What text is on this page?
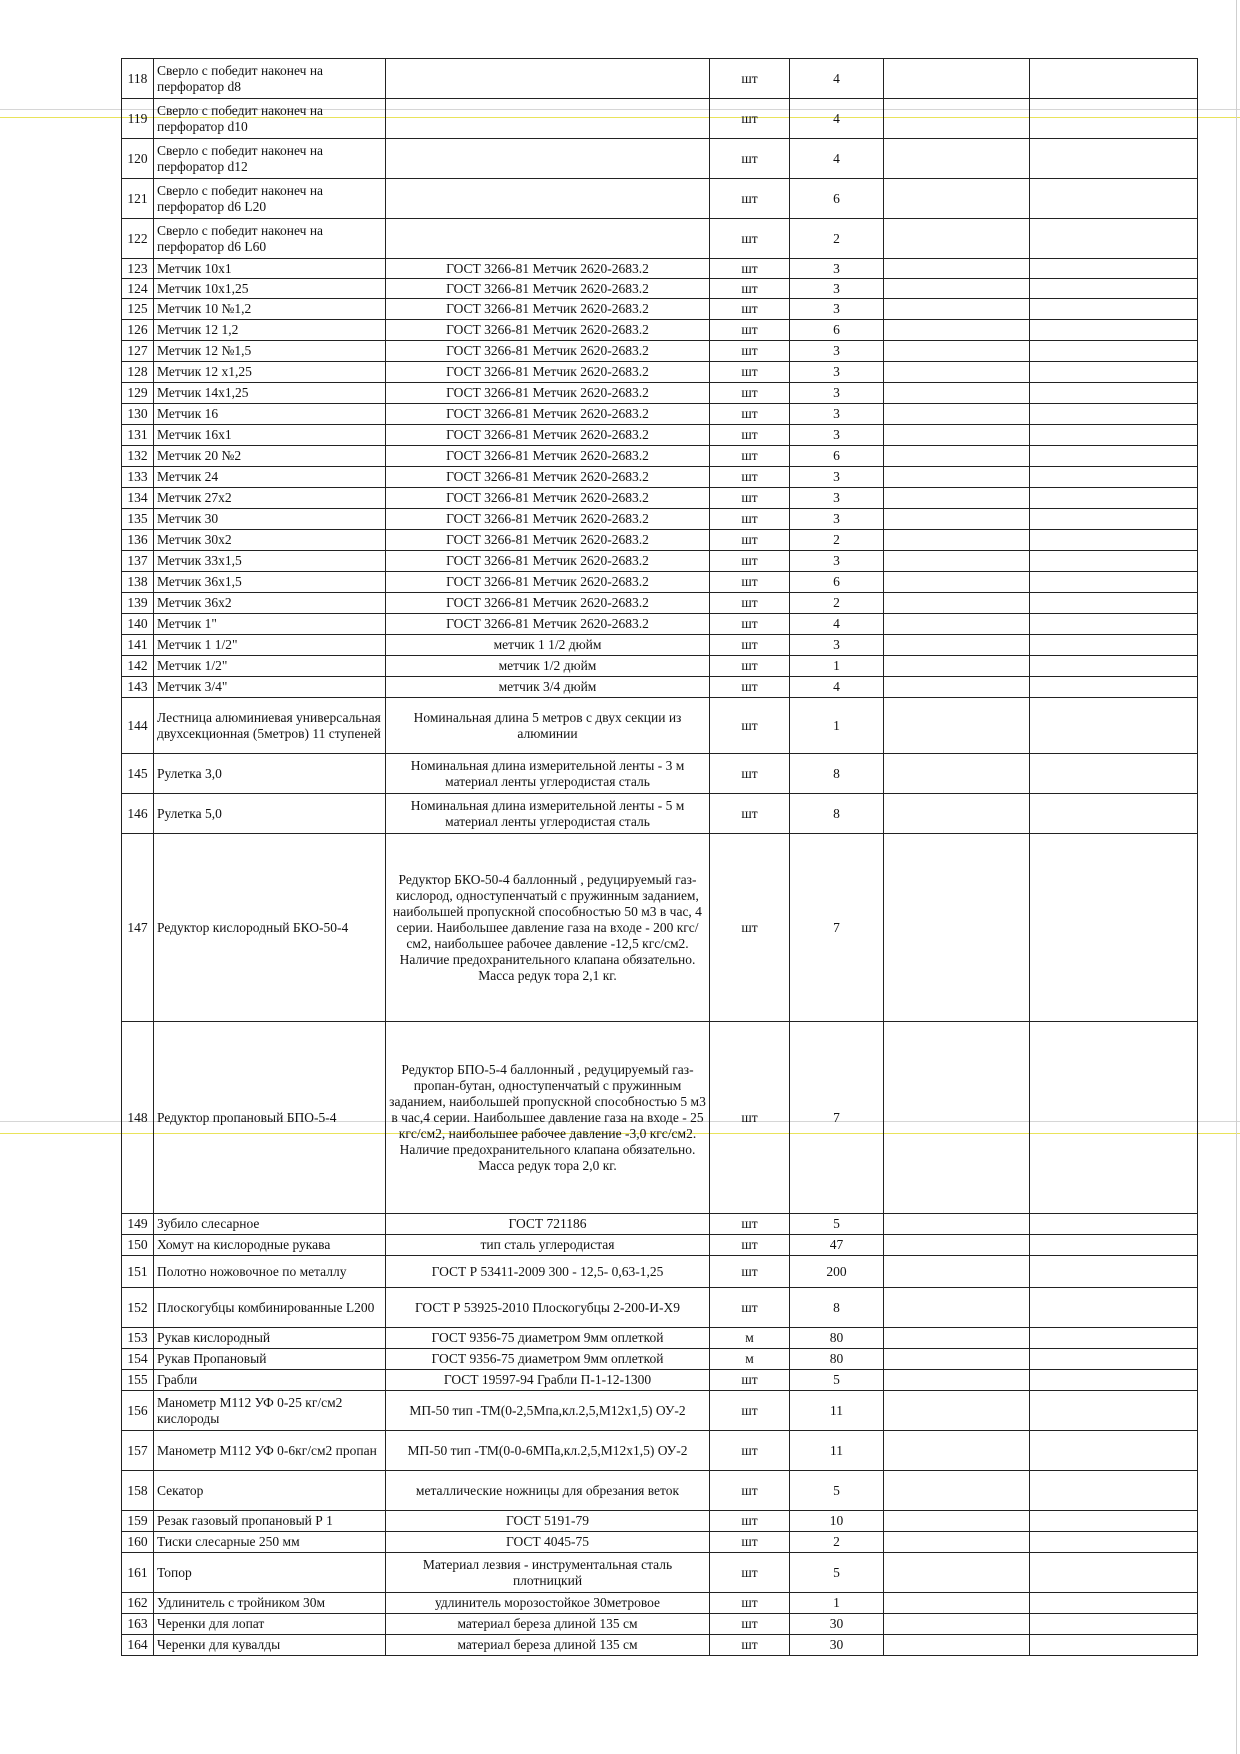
118	Сверло с победит наконеч на перфоратор d8		шт	4		
119	Сверло с победит наконеч на перфоратор d10		шт	4		
120	Сверло с победит наконеч на перфоратор d12		шт	4		
121	Сверло с победит наконеч на перфоратор d6 L20		шт	6		
122	Сверло с победит наконеч на перфоратор d6 L60		шт	2		
123	Метчик 10х1	ГОСТ 3266-81 Метчик 2620-2683.2	шт	3		
124	Метчик 10х1,25	ГОСТ 3266-81 Метчик 2620-2683.2	шт	3		
125	Метчик 10 №1,2	ГОСТ 3266-81 Метчик 2620-2683.2	шт	3		
126	Метчик 12 1,2	ГОСТ 3266-81 Метчик 2620-2683.2	шт	6		
127	Метчик 12 №1,5	ГОСТ 3266-81 Метчик 2620-2683.2	шт	3		
128	Метчик 12 х1,25	ГОСТ 3266-81 Метчик 2620-2683.2	шт	3		
129	Метчик 14х1,25	ГОСТ 3266-81 Метчик 2620-2683.2	шт	3		
130	Метчик 16	ГОСТ 3266-81 Метчик 2620-2683.2	шт	3		
131	Метчик 16х1	ГОСТ 3266-81 Метчик 2620-2683.2	шт	3		
132	Метчик 20 №2	ГОСТ 3266-81 Метчик 2620-2683.2	шт	6		
133	Метчик 24	ГОСТ 3266-81 Метчик 2620-2683.2	шт	3		
134	Метчик 27х2	ГОСТ 3266-81 Метчик 2620-2683.2	шт	3		
135	Метчик 30	ГОСТ 3266-81 Метчик 2620-2683.2	шт	3		
136	Метчик 30х2	ГОСТ 3266-81 Метчик 2620-2683.2	шт	2		
137	Метчик 33х1,5	ГОСТ 3266-81 Метчик 2620-2683.2	шт	3		
138	Метчик 36х1,5	ГОСТ 3266-81 Метчик 2620-2683.2	шт	6		
139	Метчик 36х2	ГОСТ 3266-81 Метчик 2620-2683.2	шт	2		
140	Метчик 1"	ГОСТ 3266-81 Метчик 2620-2683.2	шт	4		
141	Метчик 1 1/2"	метчик 1 1/2 дюйм	шт	3		
142	Метчик 1/2"	метчик 1/2 дюйм	шт	1		
143	Метчик 3/4"	метчик 3/4 дюйм	шт	4		
144	Лестница алюминиевая универсальная двухсекционная (5метров) 11 ступеней	Номинальная длина 5 метров с двух секции из алюминии	шт	1		
145	Рулетка 3,0	Номинальная длина измерительной ленты - 3 м материал ленты углеродистая сталь	шт	8		
146	Рулетка 5,0	Номинальная длина измерительной ленты - 5 м материал ленты углеродистая сталь	шт	8		
147	Редуктор кислородный БКО-50-4	Редуктор БКО-50-4 баллонный , редуцируемый газ- кислород, одноступенчатый с пружинным заданием, наибольшей пропускной способностью 50 м3 в час, 4 серии. Наибольшее давление газа на входе - 200 кгс/см2, наибольшее рабочее давление -12,5 кгс/см2. Наличие предохранительного клапана обязательно. Масса редук тора 2,1 кг.	шт	7		
148	Редуктор пропановый БПО-5-4	Редуктор БПО-5-4 баллонный , редуцируемый газ- пропан-бутан, одноступенчатый с пружинным заданием, наибольшей пропускной способностью 5 м3 в час,4 серии. Наибольшее давление газа на входе - 25 кгс/см2, наибольшее рабочее давление -3,0 кгс/см2. Наличие предохранительного клапана обязательно. Масса редук тора 2,0 кг.	шт	7		
149	Зубило слесарное	ГОСТ 721186	шт	5		
150	Хомут на кислородные рукава	тип сталь углеродистая	шт	47		
151	Полотно ножовочное по металлу	ГОСТ Р 53411-2009 300 - 12,5- 0,63-1,25	шт	200		
152	Плоскогубцы комбинированные L200	ГОСТ Р 53925-2010 Плоскогубцы 2-200-И-Х9	шт	8		
153	Рукав кислородный	ГОСТ 9356-75 диаметром 9мм оплеткой	м	80		
154	Рукав Пропановый	ГОСТ 9356-75 диаметром 9мм оплеткой	м	80		
155	Грабли	ГОСТ 19597-94 Грабли П-1-12-1300	шт	5		
156	Манометр М112 УФ 0-25 кг/см2 кислороды	МП-50 тип -ТМ(0-2,5Мпа,кл.2,5,М12х1,5) ОУ-2	шт	11		
157	Манометр М112 УФ 0-6кг/см2 пропан	МП-50 тип -ТМ(0-0-6МПа,кл.2,5,М12х1,5) ОУ-2	шт	11		
158	Секатор	металлические ножницы для обрезания веток	шт	5		
159	Резак газовый пропановый Р 1	ГОСТ 5191-79	шт	10		
160	Тиски слесарные 250 мм	ГОСТ 4045-75	шт	2		
161	Топор	Материал лезвия - инструментальная сталь плотницкий	шт	5		
162	Удлинитель с тройником 30м	удлинитель морозостойкое 30метровое	шт	1		
163	Черенки для лопат	материал береза длиной 135 см	шт	30		
164	Черенки для кувалды	материал береза длиной 135 см	шт	30		
